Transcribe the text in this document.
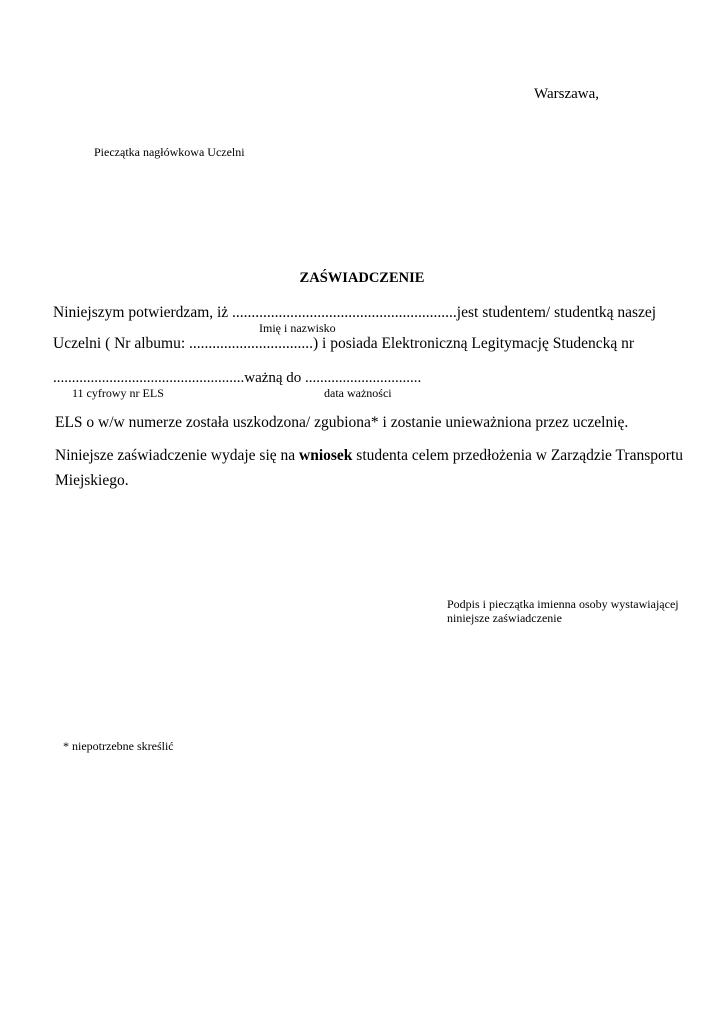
Warszawa,
Pieczątka nagłówkowa Uczelni
ZAŚWIADCZENIE
Niniejszym potwierdzam, iż ..........................................................jest studentem/ studentką naszej
Imię i nazwisko
Uczelni ( Nr albumu: ................................) i posiada Elektroniczną Legitymację Studencką nr
...................................................ważną do ...............................
11 cyfrowy nr ELS	data ważności
ELS o w/w numerze została uszkodzona/ zgubiona* i zostanie unieważniona przez uczelnię.
Niniejsze zaświadczenie wydaje się na wniosek studenta celem przedłożenia w Zarządzie Transportu
Miejskiego.
Podpis i pieczątka imienna osoby wystawiającej
niniejsze zaświadczenie
* niepotrzebne skreślić
